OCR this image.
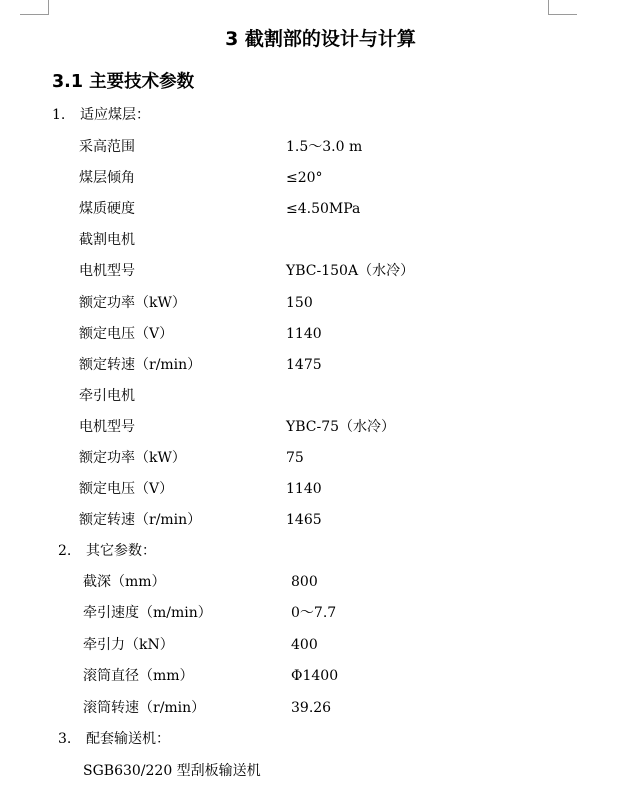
3 截割部的设计与计算
3.1 主要技术参数
1. 适应煤层：
采高范围	1.5～3.0 m
煤层倾角	≤20°
煤质硬度	≤4.50MPa
截割电机
电机型号	YBC-150A（水冷）
额定功率（kW）	150
额定电压（V）	1140
额定转速（r/min）	1475
牵引电机
电机型号	YBC-75（水冷）
额定功率（kW）	75
额定电压（V）	1140
额定转速（r/min）	1465
2. 其它参数：
截深（mm）	800
牵引速度（m/min）	0～7.7
牵引力（kN）	400
滚筒直径（mm）	Φ1400
滚筒转速（r/min）	39.26
3. 配套输送机：
SGB630/220 型刮板输送机
